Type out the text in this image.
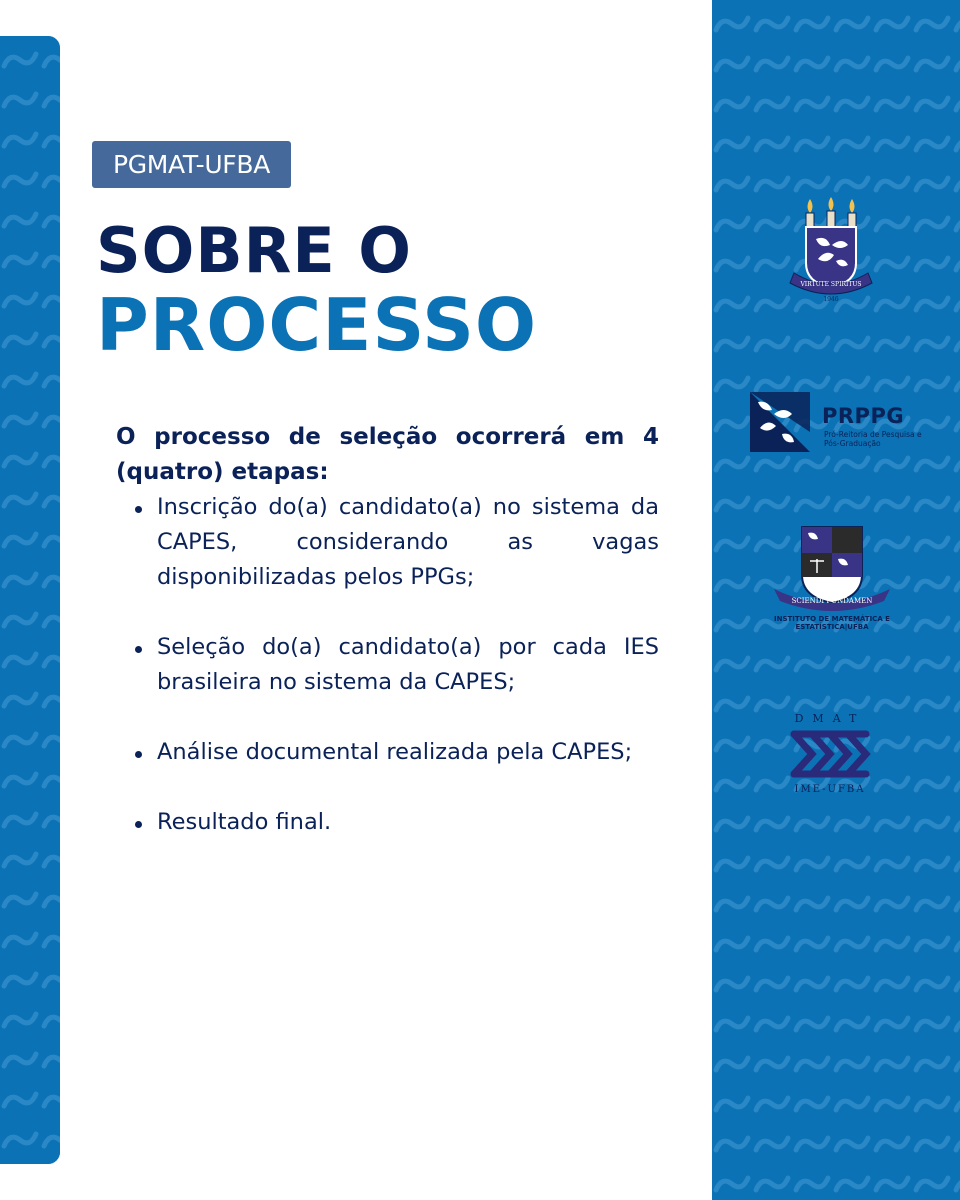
PGMAT-UFBA
SOBRE O
PROCESSO
O processo de seleção ocorrerá em 4 (quatro) etapas:
Inscrição do(a) candidato(a) no sistema da CAPES, considerando as vagas disponibilizadas pelos PPGs;
Seleção do(a) candidato(a) por cada IES brasileira no sistema da CAPES;
Análise documental realizada pela CAPES;
Resultado final.
VIRTUTE SPIRITUS
1946
PRPPG
Pró-Reitoria de Pesquisa e Pós-Graduação
SCIENDI FUNDAMEN
INSTITUTO DE MATEMÁTICA E ESTATÍSTICA|UFBA
DMAT
IME-UFBA
